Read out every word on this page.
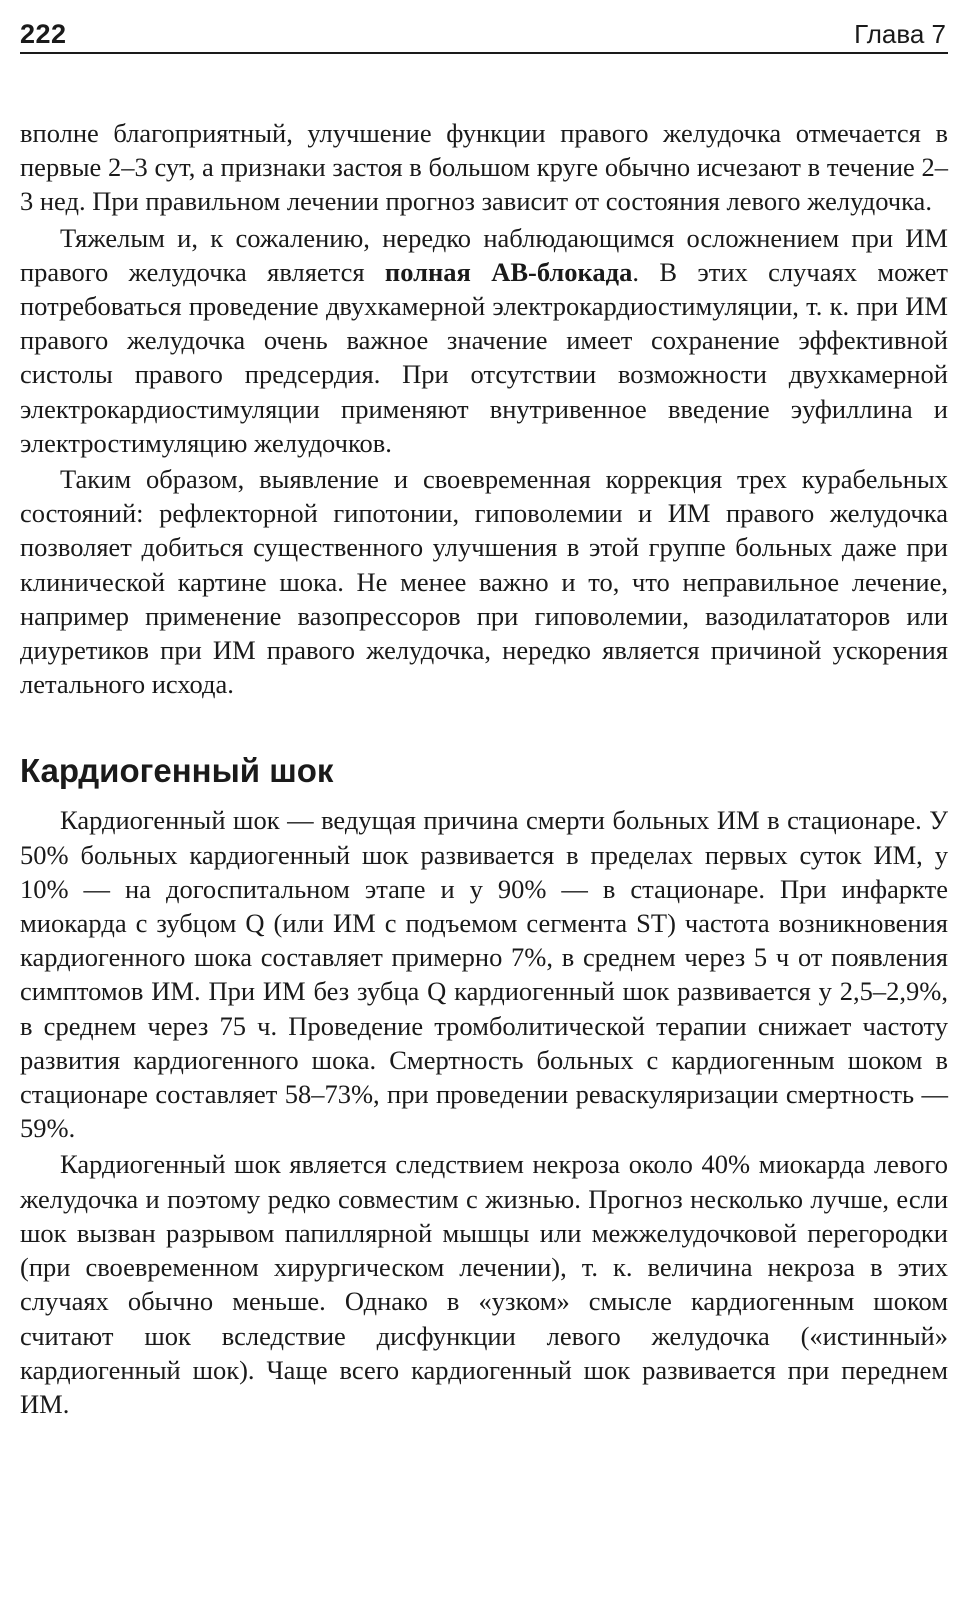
222	Глава 7

вполне благоприятный, улучшение функции правого желудочка отмечается в первые 2–3 сут, а признаки застоя в большом круге обычно исчезают в течение 2–3 нед. При правильном лечении прогноз зависит от состояния левого желудочка.

Тяжелым и, к сожалению, нередко наблюдающимся осложнением при ИМ правого желудочка является полная АВ-блокада. В этих случаях может потребоваться проведение двухкамерной электрокардиостимуляции, т. к. при ИМ правого желудочка очень важное значение имеет сохранение эффективной систолы правого предсердия. При отсутствии возможности двухкамерной электрокардиостимуляции применяют внутривенное введение эуфиллина и электростимуляцию желудочков.

Таким образом, выявление и своевременная коррекция трех курабельных состояний: рефлекторной гипотонии, гиповолемии и ИМ правого желудочка позволяет добиться существенного улучшения в этой группе больных даже при клинической картине шока. Не менее важно и то, что неправильное лечение, например применение вазопрессоров при гиповолемии, вазодилататоров или диуретиков при ИМ правого желудочка, нередко является причиной ускорения летального исхода.

Кардиогенный шок

Кардиогенный шок — ведущая причина смерти больных ИМ в стационаре. У 50% больных кардиогенный шок развивается в пределах первых суток ИМ, у 10% — на догоспитальном этапе и у 90% — в стационаре. При инфаркте миокарда с зубцом Q (или ИМ с подъемом сегмента ST) частота возникновения кардиогенного шока составляет примерно 7%, в среднем через 5 ч от появления симптомов ИМ. При ИМ без зубца Q кардиогенный шок развивается у 2,5–2,9%, в среднем через 75 ч. Проведение тромболитической терапии снижает частоту развития кардиогенного шока. Смертность больных с кардиогенным шоком в стационаре составляет 58–73%, при проведении реваскуляризации смертность — 59%.

Кардиогенный шок является следствием некроза около 40% миокарда левого желудочка и поэтому редко совместим с жизнью. Прогноз несколько лучше, если шок вызван разрывом папиллярной мышцы или межжелудочковой перегородки (при своевременном хирургическом лечении), т. к. величина некроза в этих случаях обычно меньше. Однако в «узком» смысле кардиогенным шоком считают шок вследствие дисфункции левого желудочка («истинный» кардиогенный шок). Чаще всего кардиогенный шок развивается при переднем ИМ.
